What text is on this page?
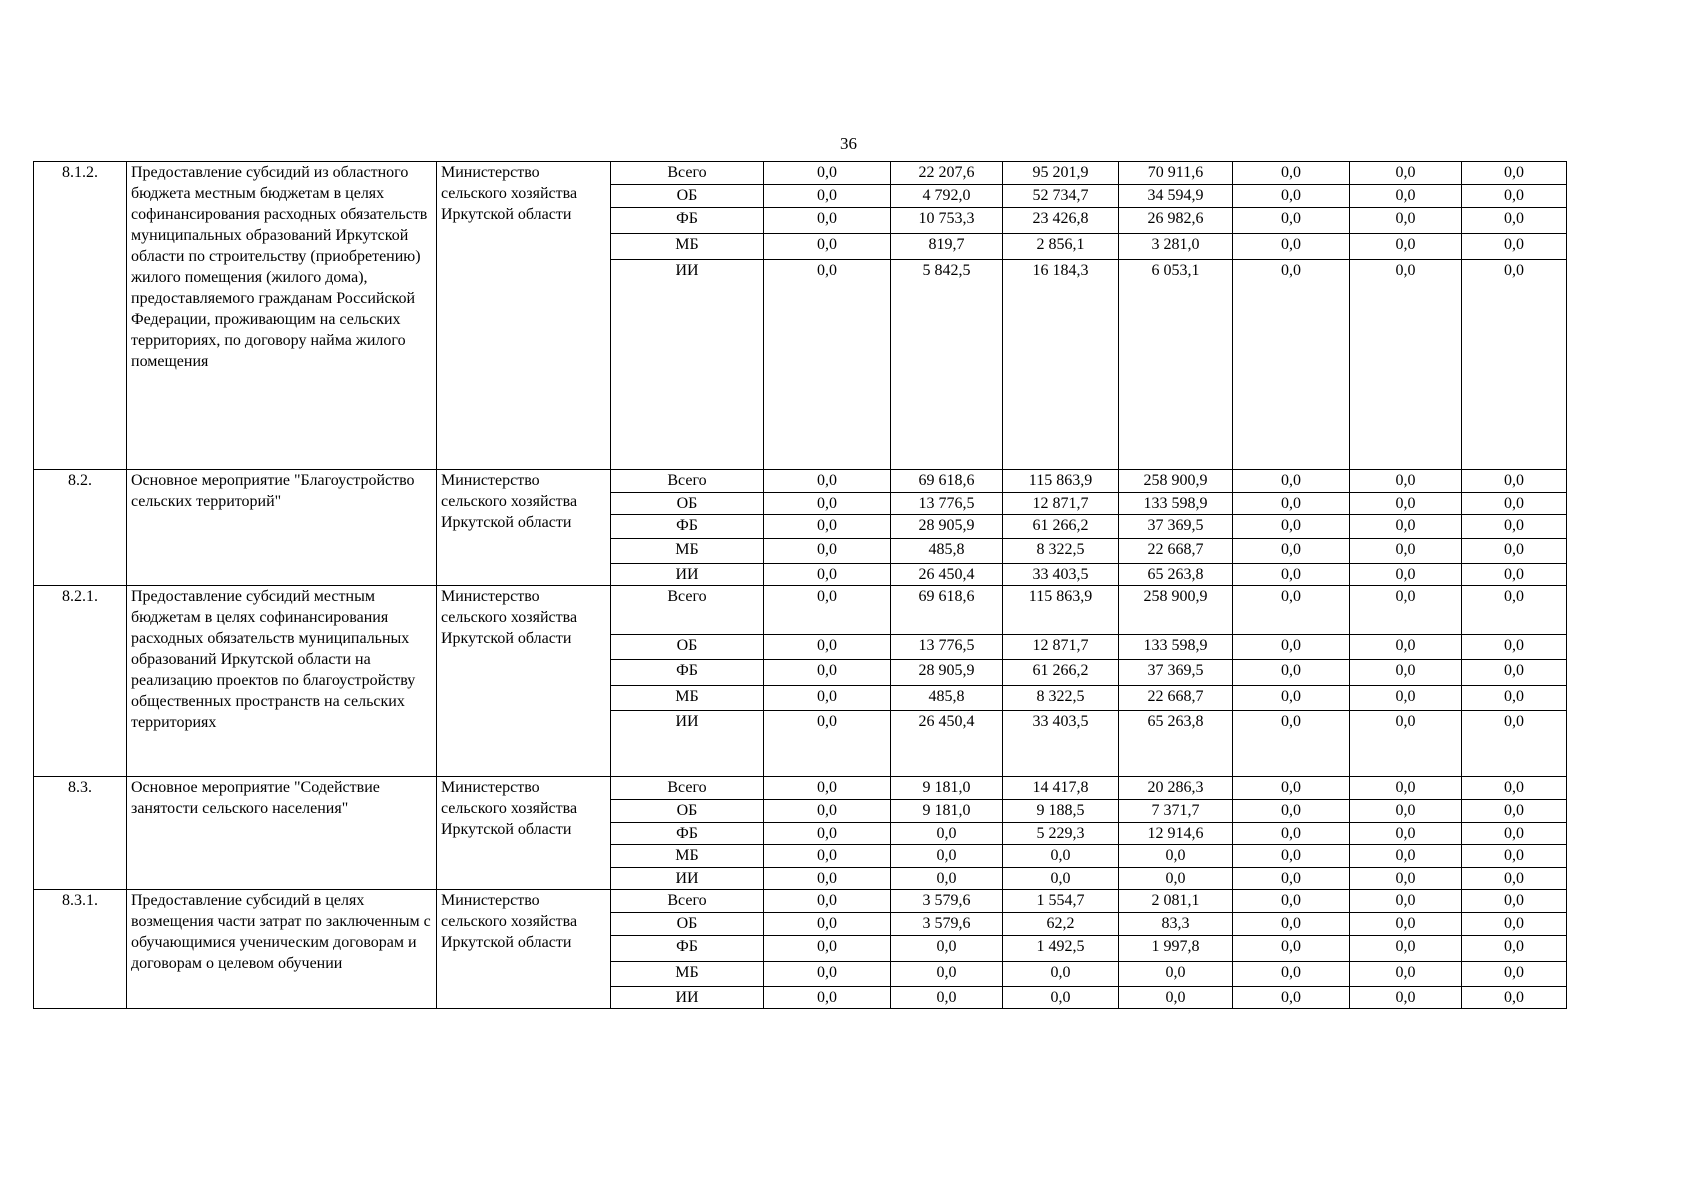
36
8.1.2.	Предоставление субсидий из областного бюджета местным бюджетам в целях софинансирования расходных обязательств муниципальных образований Иркутской области по строительству (приобретению) жилого помещения (жилого дома), предоставляемого гражданам Российской Федерации, проживающим на сельских территориях, по договору найма жилого помещения	Министерство сельского хозяйства Иркутской области	Всего	0,0	22 207,6	95 201,9	70 911,6	0,0	0,0	0,0
			ОБ	0,0	4 792,0	52 734,7	34 594,9	0,0	0,0	0,0
			ФБ	0,0	10 753,3	23 426,8	26 982,6	0,0	0,0	0,0
			МБ	0,0	819,7	2 856,1	3 281,0	0,0	0,0	0,0
			ИИ	0,0	5 842,5	16 184,3	6 053,1	0,0	0,0	0,0
8.2.	Основное мероприятие "Благоустройство сельских территорий"	Министерство сельского хозяйства Иркутской области	Всего	0,0	69 618,6	115 863,9	258 900,9	0,0	0,0	0,0
			ОБ	0,0	13 776,5	12 871,7	133 598,9	0,0	0,0	0,0
			ФБ	0,0	28 905,9	61 266,2	37 369,5	0,0	0,0	0,0
			МБ	0,0	485,8	8 322,5	22 668,7	0,0	0,0	0,0
			ИИ	0,0	26 450,4	33 403,5	65 263,8	0,0	0,0	0,0
8.2.1.	Предоставление субсидий местным бюджетам в целях софинансирования расходных обязательств муниципальных образований Иркутской области на реализацию проектов по благоустройству общественных пространств на сельских территориях	Министерство сельского хозяйства Иркутской области	Всего	0,0	69 618,6	115 863,9	258 900,9	0,0	0,0	0,0
			ОБ	0,0	13 776,5	12 871,7	133 598,9	0,0	0,0	0,0
			ФБ	0,0	28 905,9	61 266,2	37 369,5	0,0	0,0	0,0
			МБ	0,0	485,8	8 322,5	22 668,7	0,0	0,0	0,0
			ИИ	0,0	26 450,4	33 403,5	65 263,8	0,0	0,0	0,0
8.3.	Основное мероприятие "Содействие занятости сельского населения"	Министерство сельского хозяйства Иркутской области	Всего	0,0	9 181,0	14 417,8	20 286,3	0,0	0,0	0,0
			ОБ	0,0	9 181,0	9 188,5	7 371,7	0,0	0,0	0,0
			ФБ	0,0	0,0	5 229,3	12 914,6	0,0	0,0	0,0
			МБ	0,0	0,0	0,0	0,0	0,0	0,0	0,0
			ИИ	0,0	0,0	0,0	0,0	0,0	0,0	0,0
8.3.1.	Предоставление субсидий в целях возмещения части затрат по заключенным с обучающимися ученическим договорам и договорам о целевом обучении	Министерство сельского хозяйства Иркутской области	Всего	0,0	3 579,6	1 554,7	2 081,1	0,0	0,0	0,0
			ОБ	0,0	3 579,6	62,2	83,3	0,0	0,0	0,0
			ФБ	0,0	0,0	1 492,5	1 997,8	0,0	0,0	0,0
			МБ	0,0	0,0	0,0	0,0	0,0	0,0	0,0
			ИИ	0,0	0,0	0,0	0,0	0,0	0,0	0,0
